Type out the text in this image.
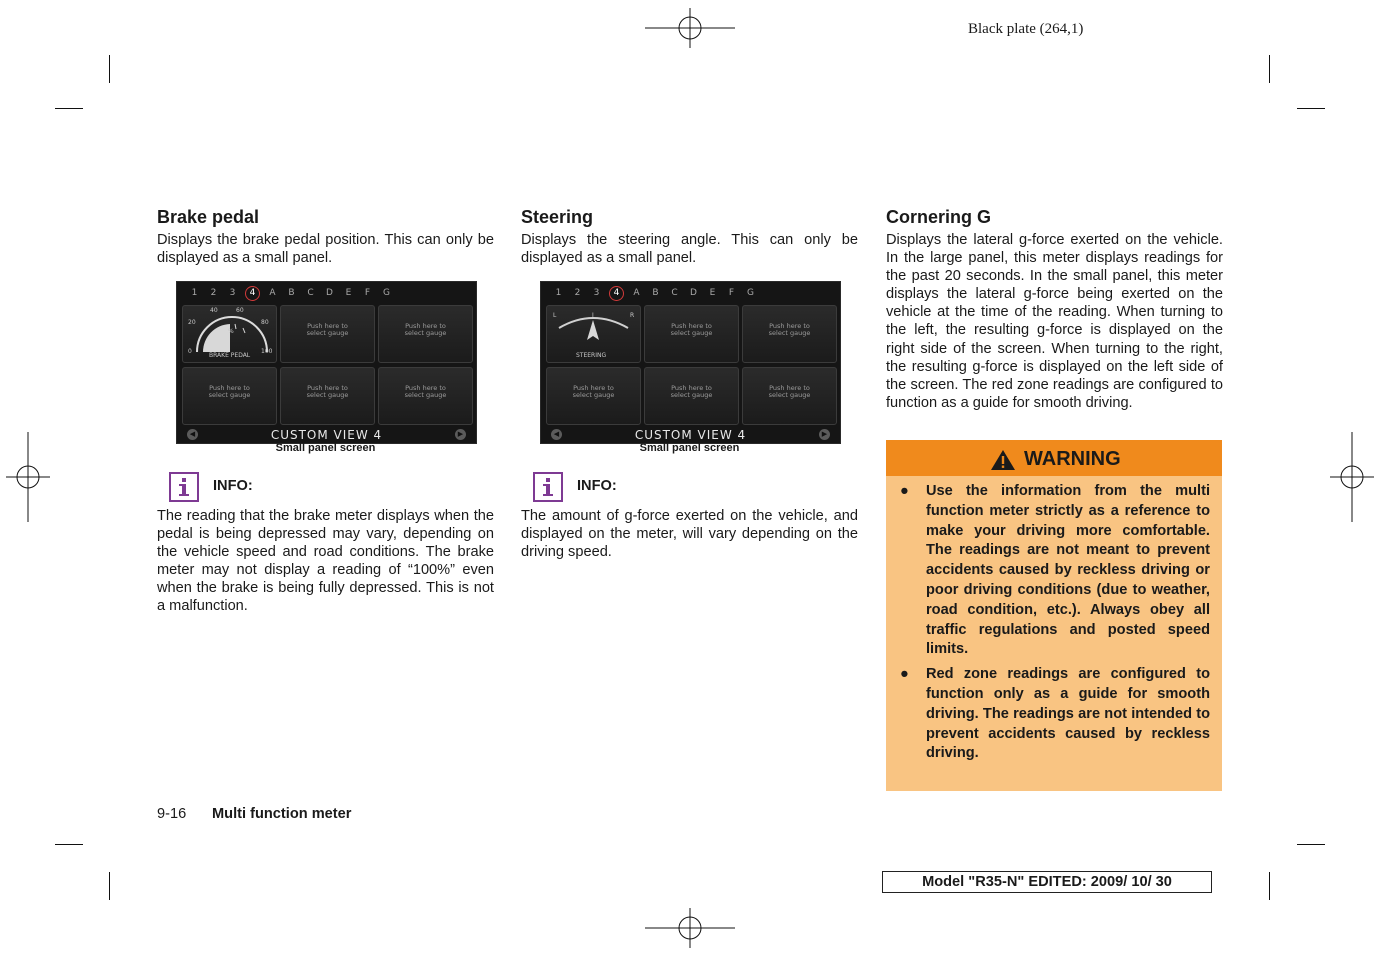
Black plate (264,1)
Brake pedal

Displays the brake pedal position. This can only be displayed as a small panel.

1	2	3	4	A	B	C	D	E	F	G
20
40	60
80
0	100
%
BRAKE PEDAL
Push here to
select gauge
Push here to
select gauge
Push here to
select gauge
Push here to
select gauge
Push here to
select gauge
◀	CUSTOM VIEW 4	▶
Small panel screen
INFO:

The reading that the brake meter displays when the pedal is being depressed may vary, depending on the vehicle speed and road conditions. The brake meter may not display a reading of “100%” even when the brake is being fully depressed. This is not a malfunction.

Steering

Displays the steering angle. This can only be displayed as a small panel.

1	2	3	4	A	B	C	D	E	F	G
L	I	R
STEERING
Push here to
select gauge
Push here to
select gauge
Push here to
select gauge
Push here to
select gauge
Push here to
select gauge
◀	CUSTOM VIEW 4	▶
Small panel screen
INFO:

The amount of g-force exerted on the vehicle, and displayed on the meter, will vary depending on the driving speed.

Cornering G

Displays the lateral g-force exerted on the vehicle. In the large panel, this meter displays readings for the past 20 seconds. In the small panel, this meter displays the lateral g-force being exerted on the vehicle at the time of the reading. When turning to the left, the resulting g-force is displayed on the right side of the screen. When turning to the right, the resulting g-force is displayed on the left side of the screen. The red zone readings are configured to function as a guide for smooth driving.

WARNING
● Use the information from the multi function meter strictly as a reference to make your driving more comfortable. The readings are not meant to prevent accidents caused by reckless driving or poor driving conditions (due to weather, road condition, etc.). Always obey all traffic regulations and posted speed limits.
● Red zone readings are configured to function only as a guide for smooth driving. The readings are not intended to prevent accidents caused by reckless driving.
9-16 Multi function meter
Model "R35-N" EDITED: 2009/ 10/ 30
